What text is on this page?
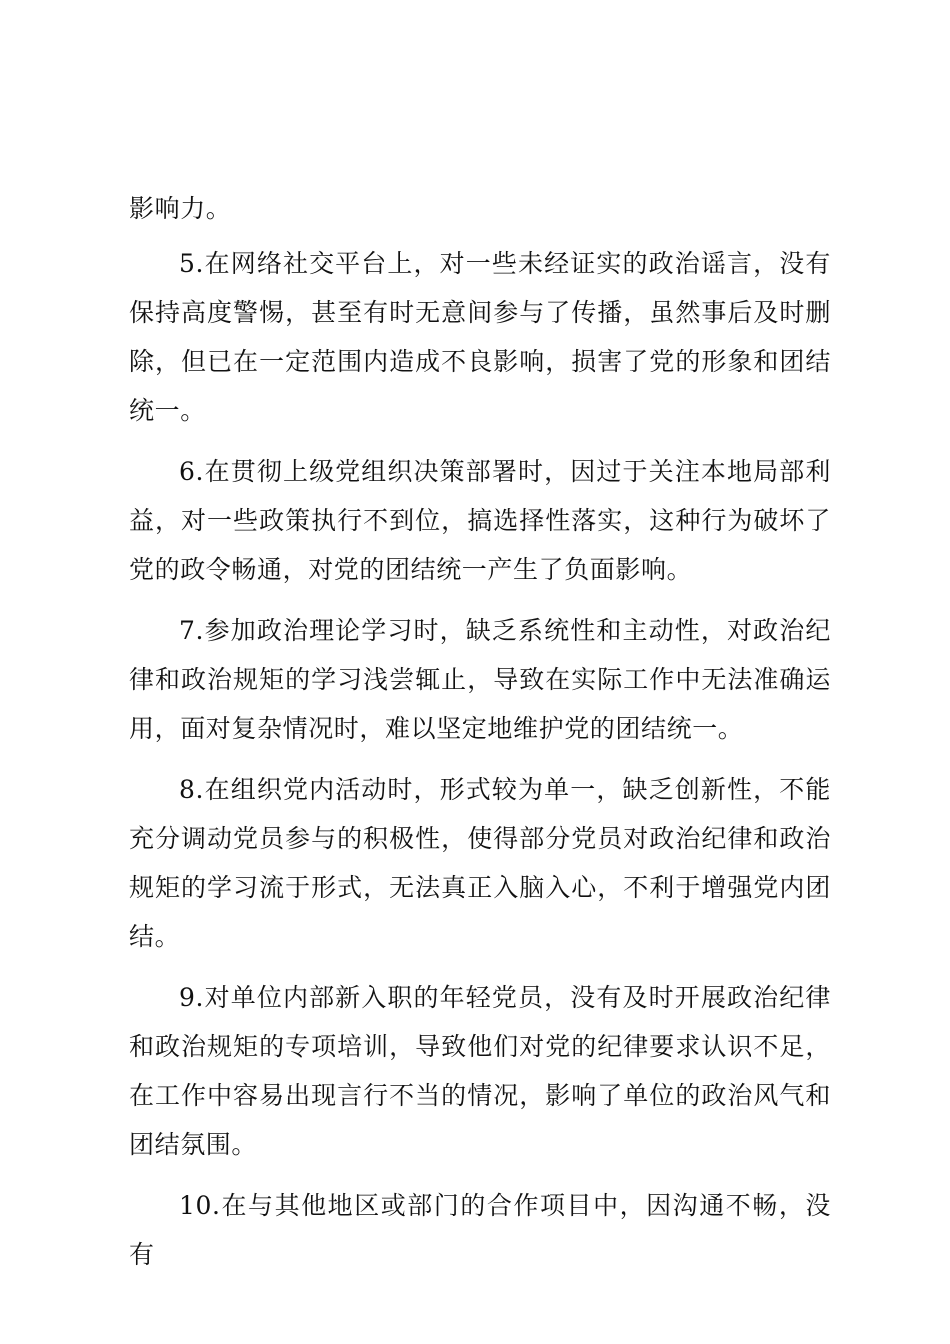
影响力。

5.在网络社交平台上，对一些未经证实的政治谣言，没有保持高度警惕，甚至有时无意间参与了传播，虽然事后及时删除，但已在一定范围内造成不良影响，损害了党的形象和团结统一。

6.在贯彻上级党组织决策部署时，因过于关注本地局部利益，对一些政策执行不到位，搞选择性落实，这种行为破坏了党的政令畅通，对党的团结统一产生了负面影响。

7.参加政治理论学习时，缺乏系统性和主动性，对政治纪律和政治规矩的学习浅尝辄止，导致在实际工作中无法准确运用，面对复杂情况时，难以坚定地维护党的团结统一。

8.在组织党内活动时，形式较为单一，缺乏创新性，不能充分调动党员参与的积极性，使得部分党员对政治纪律和政治规矩的学习流于形式，无法真正入脑入心，不利于增强党内团结。

9.对单位内部新入职的年轻党员，没有及时开展政治纪律和政治规矩的专项培训，导致他们对党的纪律要求认识不足，在工作中容易出现言行不当的情况，影响了单位的政治风气和团结氛围。

10.在与其他地区或部门的合作项目中，因沟通不畅，没有
